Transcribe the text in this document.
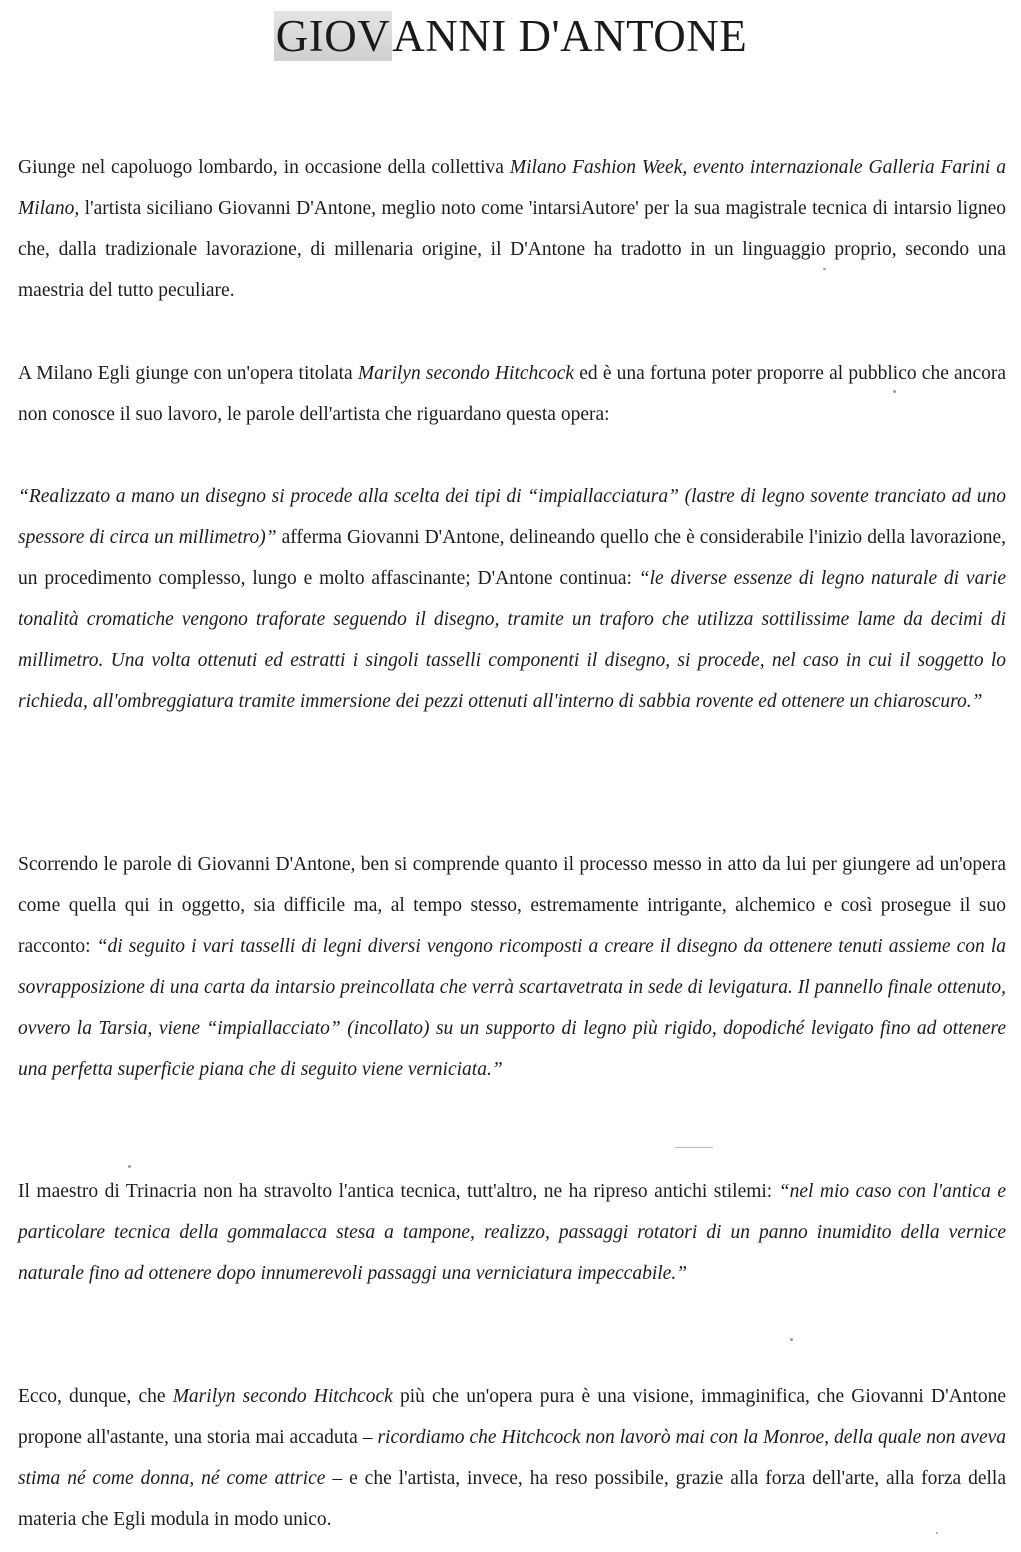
GIOVANNI D'ANTONE

Giunge nel capoluogo lombardo, in occasione della collettiva Milano Fashion Week, evento internazionale Galleria Farini a Milano, l'artista siciliano Giovanni D'Antone, meglio noto come 'intarsiAutore' per la sua magistrale tecnica di intarsio ligneo che, dalla tradizionale lavorazione, di millenaria origine, il D'Antone ha tradotto in un linguaggio proprio, secondo una maestria del tutto peculiare.

A Milano Egli giunge con un'opera titolata Marilyn secondo Hitchcock ed è una fortuna poter proporre al pubblico che ancora non conosce il suo lavoro, le parole dell'artista che riguardano questa opera:

“Realizzato a mano un disegno si procede alla scelta dei tipi di “impiallacciatura” (lastre di legno sovente tranciato ad uno spessore di circa un millimetro)” afferma Giovanni D'Antone, delineando quello che è considerabile l'inizio della lavorazione, un procedimento complesso, lungo e molto affascinante; D'Antone continua: “le diverse essenze di legno naturale di varie tonalità cromatiche vengono traforate seguendo il disegno, tramite un traforo che utilizza sottilissime lame da decimi di millimetro. Una volta ottenuti ed estratti i singoli tasselli componenti il disegno, si procede, nel caso in cui il soggetto lo richieda, all'ombreggiatura tramite immersione dei pezzi ottenuti all'interno di sabbia rovente ed ottenere un chiaroscuro.”

Scorrendo le parole di Giovanni D'Antone, ben si comprende quanto il processo messo in atto da lui per giungere ad un'opera come quella qui in oggetto, sia difficile ma, al tempo stesso, estremamente intrigante, alchemico e così prosegue il suo racconto: “di seguito i vari tasselli di legni diversi vengono ricomposti a creare il disegno da ottenere tenuti assieme con la sovrapposizione di una carta da intarsio preincollata che verrà scartavetrata in sede di levigatura. Il pannello finale ottenuto, ovvero la Tarsia, viene “impiallacciato” (incollato) su un supporto di legno più rigido, dopodiché levigato fino ad ottenere una perfetta superficie piana che di seguito viene verniciata.”

Il maestro di Trinacria non ha stravolto l'antica tecnica, tutt'altro, ne ha ripreso antichi stilemi: “nel mio caso con l'antica e particolare tecnica della gommalacca stesa a tampone, realizzo, passaggi rotatori di un panno inumidito della vernice naturale fino ad ottenere dopo innumerevoli passaggi una verniciatura impeccabile.”

Ecco, dunque, che Marilyn secondo Hitchcock più che un'opera pura è una visione, immaginifica, che Giovanni D'Antone propone all'astante, una storia mai accaduta – ricordiamo che Hitchcock non lavorò mai con la Monroe, della quale non aveva stima né come donna, né come attrice – e che l'artista, invece, ha reso possibile, grazie alla forza dell'arte, alla forza della materia che Egli modula in modo unico.
